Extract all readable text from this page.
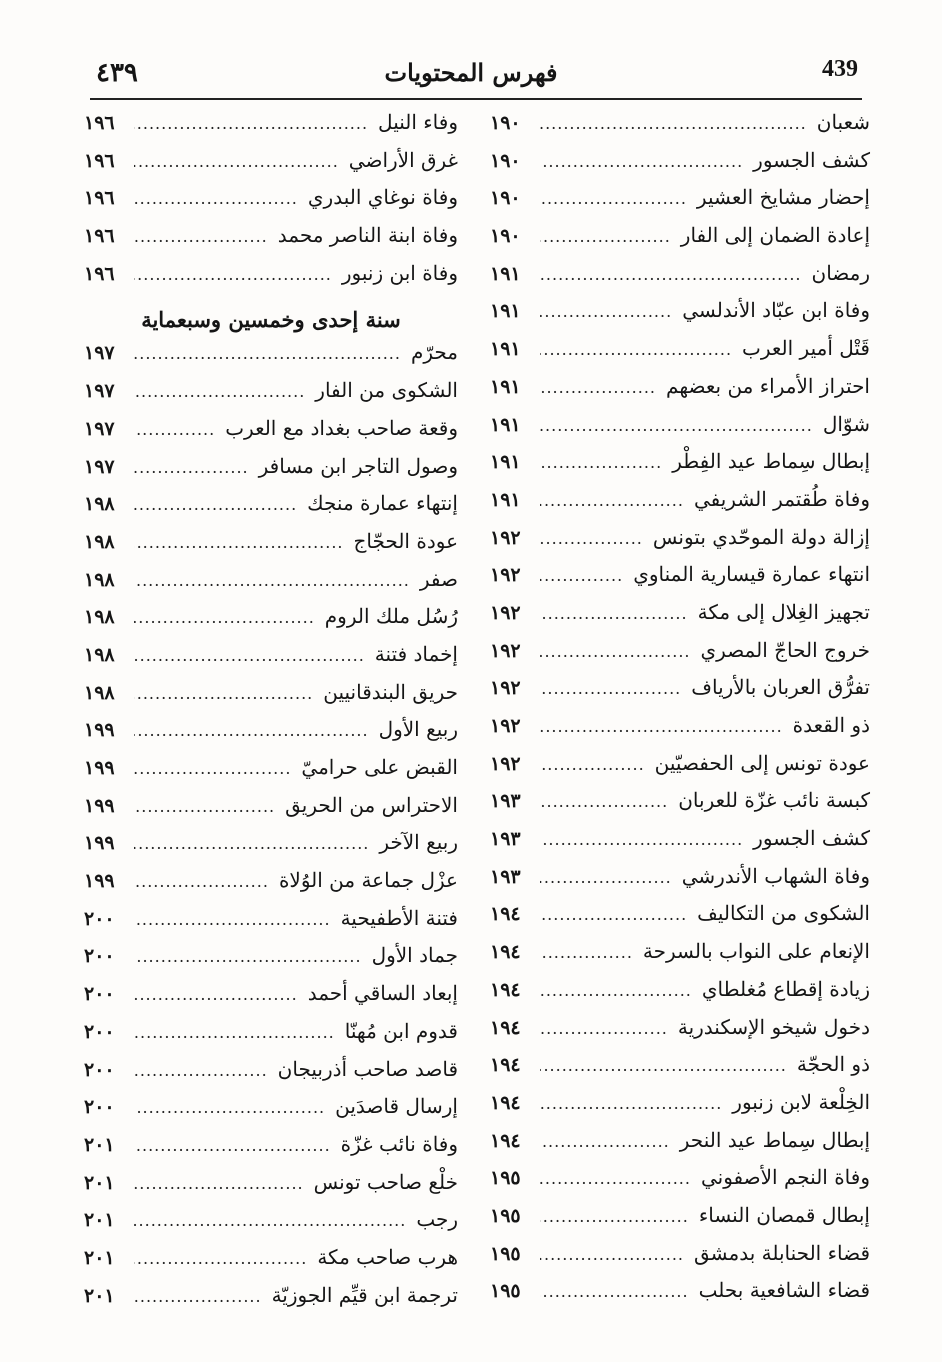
٤٣٩	فهرس المحتويات	439
شعبان
.....
١٩٠
كشف الجسور
.....
١٩٠
إحضار مشايخ العشير
.....
١٩٠
إعادة الضمان إلى الفار
.....
١٩٠
رمضان
.....
١٩١
وفاة ابن عبّاد الأندلسي
.....
١٩١
قَتْل أمير العرب
.....
١٩١
احتراز الأمراء من بعضهم
.....
١٩١
شوّال
.....
١٩١
إبطال سِماط عيد الفِطْر
.....
١٩١
وفاة طُقتمر الشريفي
.....
١٩١
إزالة دولة الموحّدي بتونس
.....
١٩٢
انتهاء عمارة قيسارية المناوي
.....
١٩٢
تجهيز الغِلال إلى مكة
.....
١٩٢
خروج الحاجّ المصري
.....
١٩٢
تفرُّق العربان بالأرياف
.....
١٩٢
ذو القعدة
.....
١٩٢
عودة تونس إلى الحفصيّين
.....
١٩٢
كبسة نائب غزّة للعربان
.....
١٩٣
كشف الجسور
.....
١٩٣
وفاة الشهاب الأندرشي
.....
١٩٣
الشكوى من التكاليف
.....
١٩٤
الإنعام على النواب بالسرحة
.....
١٩٤
زيادة إقطاع مُغلطاي
.....
١٩٤
دخول شيخو الإسكندرية
.....
١٩٤
ذو الحجّة
.....
١٩٤
الخِلْعة لابن زنبور
.....
١٩٤
إبطال سِماط عيد النحر
.....
١٩٤
وفاة النجم الأصفوني
.....
١٩٥
إبطال قمصان النساء
.....
١٩٥
قضاء الحنابلة بدمشق
.....
١٩٥
قضاء الشافعية بحلب
.....
١٩٥
وفاء النيل
.....
١٩٦
غرق الأراضي
.....
١٩٦
وفاة نوغاي البدري
.....
١٩٦
وفاة ابنة الناصر محمد
.....
١٩٦
وفاة ابن زنبور
.....
١٩٦
سنة إحدى وخمسين وسبعماية
محرّم
.....
١٩٧
الشكوى من الفار
.....
١٩٧
وقعة صاحب بغداد مع العرب
.....
١٩٧
وصول التاجر ابن مسافر
.....
١٩٧
إنتهاء عمارة منجك
.....
١٩٨
عودة الحجّاج
.....
١٩٨
صفر
.....
١٩٨
رُسُل ملك الروم
.....
١٩٨
إخماد فتنة
.....
١٩٨
حريق البندقانيين
.....
١٩٨
ربيع الأول
.....
١٩٩
القبض على حراميّ
.....
١٩٩
الاحتراس من الحريق
.....
١٩٩
ربيع الآخر
.....
١٩٩
عزْل جماعة من الوُلاة
.....
١٩٩
فتنة الأطفيحية
.....
٢٠٠
جماد الأول
.....
٢٠٠
إبعاد الساقي أحمد
.....
٢٠٠
قدوم ابن مُهنّا
.....
٢٠٠
قاصد صاحب أذربيجان
.....
٢٠٠
إرسال قاصدَين
.....
٢٠٠
وفاة نائب غزّة
.....
٢٠١
خلْع صاحب تونس
.....
٢٠١
رجب
.....
٢٠١
هرب صاحب مكة
.....
٢٠١
ترجمة ابن قيِّم الجوزيّة
.....
٢٠١
